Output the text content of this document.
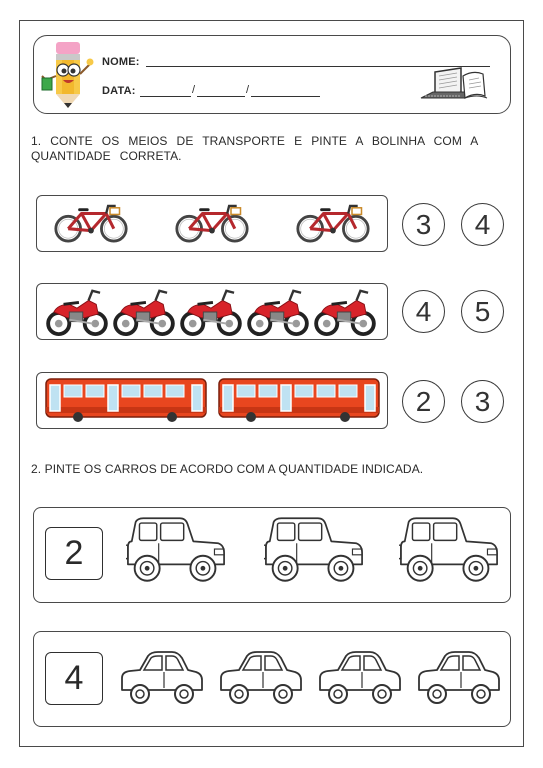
NOME:
DATA:	/	/
1. CONTE OS MEIOS DE TRANSPORTE E PINTE A BOLINHA COM A QUANTIDADE CORRETA.
3	4
4	5
2	3
2. PINTE OS CARROS DE ACORDO COM A QUANTIDADE INDICADA.
2
4
